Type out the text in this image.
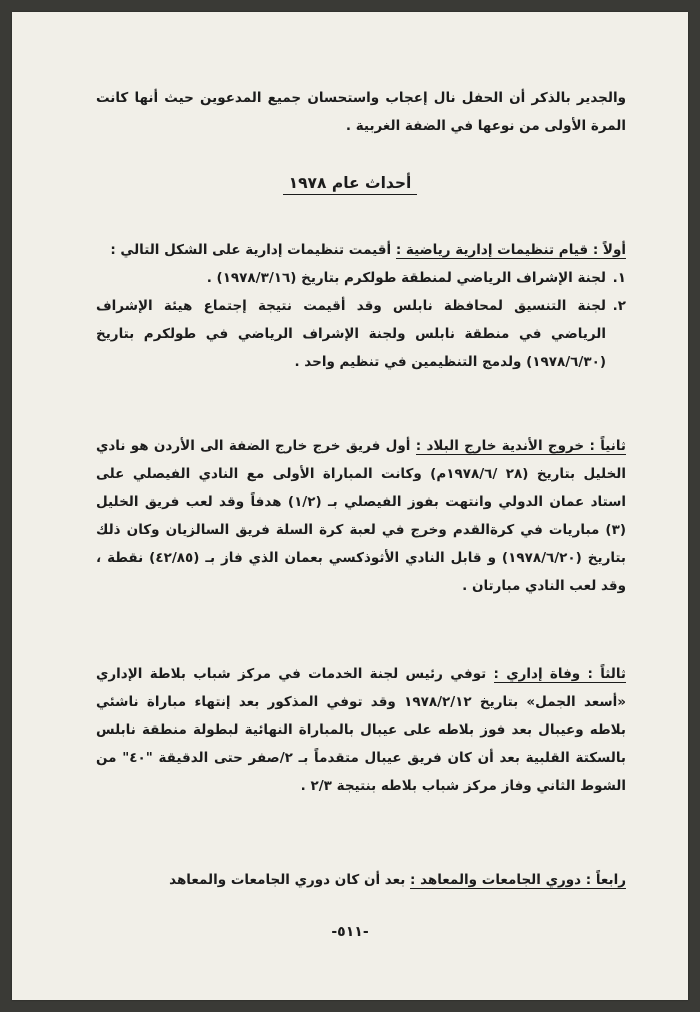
والجدير بالذكر أن الحفل نال إعجاب واستحسان جميع المدعوين حيث أنها كانت المرة الأولى من نوعها في الضفة الغربية .

أحداث عام ١٩٧٨
أولاً : قيام تنظيمات إدارية رياضية : أقيمت تنظيمات إدارية على الشكل التالي :
١.
لجنة الإشراف الرياضي لمنطقة طولكرم بتاريخ (١٩٧٨/٣/١٦) .
٢.
لجنة التنسيق لمحافظة نابلس وقد أقيمت نتيجة إجتماع هيئة الإشراف الرياضي في منطقة نابلس ولجنة الإشراف الرياضي في طولكرم بتاريخ (١٩٧٨/٦/٣٠) ولدمج التنظيمين في تنظيم واحد .

ثانياً : خروج الأندية خارج البلاد : أول فريق خرج خارج الضفة الى الأردن هو نادي الخليل بتاريخ (٢٨ /١٩٧٨/٦م) وكانت المباراة الأولى مع النادي الفيصلي على استاد عمان الدولي وانتهت بفوز الفيصلي بـ (١/٢) هدفاً وقد لعب فريق الخليل (٣) مباريات في كرةالقدم وخرج في لعبة كرة السلة فريق السالزيان وكان ذلك بتاريخ (١٩٧٨/٦/٢٠) و قابل النادي الأثوذكسي بعمان الذي فاز بـ (٤٢/٨٥) نقطة ، وقد لعب النادي مبارتان .

ثالثاً : وفاة إداري : توفي رئيس لجنة الخدمات في مركز شباب بلاطة الإداري «أسعد الجمل» بتاريخ ١٩٧٨/٢/١٢ وقد توفي المذكور بعد إنتهاء مباراة ناشئي بلاطه وعيبال بعد فوز بلاطه على عيبال بالمباراة النهائية لبطولة منطقة نابلس بالسكتة القلبية بعد أن كان فريق عيبال متقدماً بـ ٢/صفر حتى الدقيقة "٤٠" من الشوط الثاني وفاز مركز شباب بلاطه بنتيجة ٢/٣ .

رابعاً : دوري الجامعات والمعاهد : بعد أن كان دوري الجامعات والمعاهد

-٥١١-
